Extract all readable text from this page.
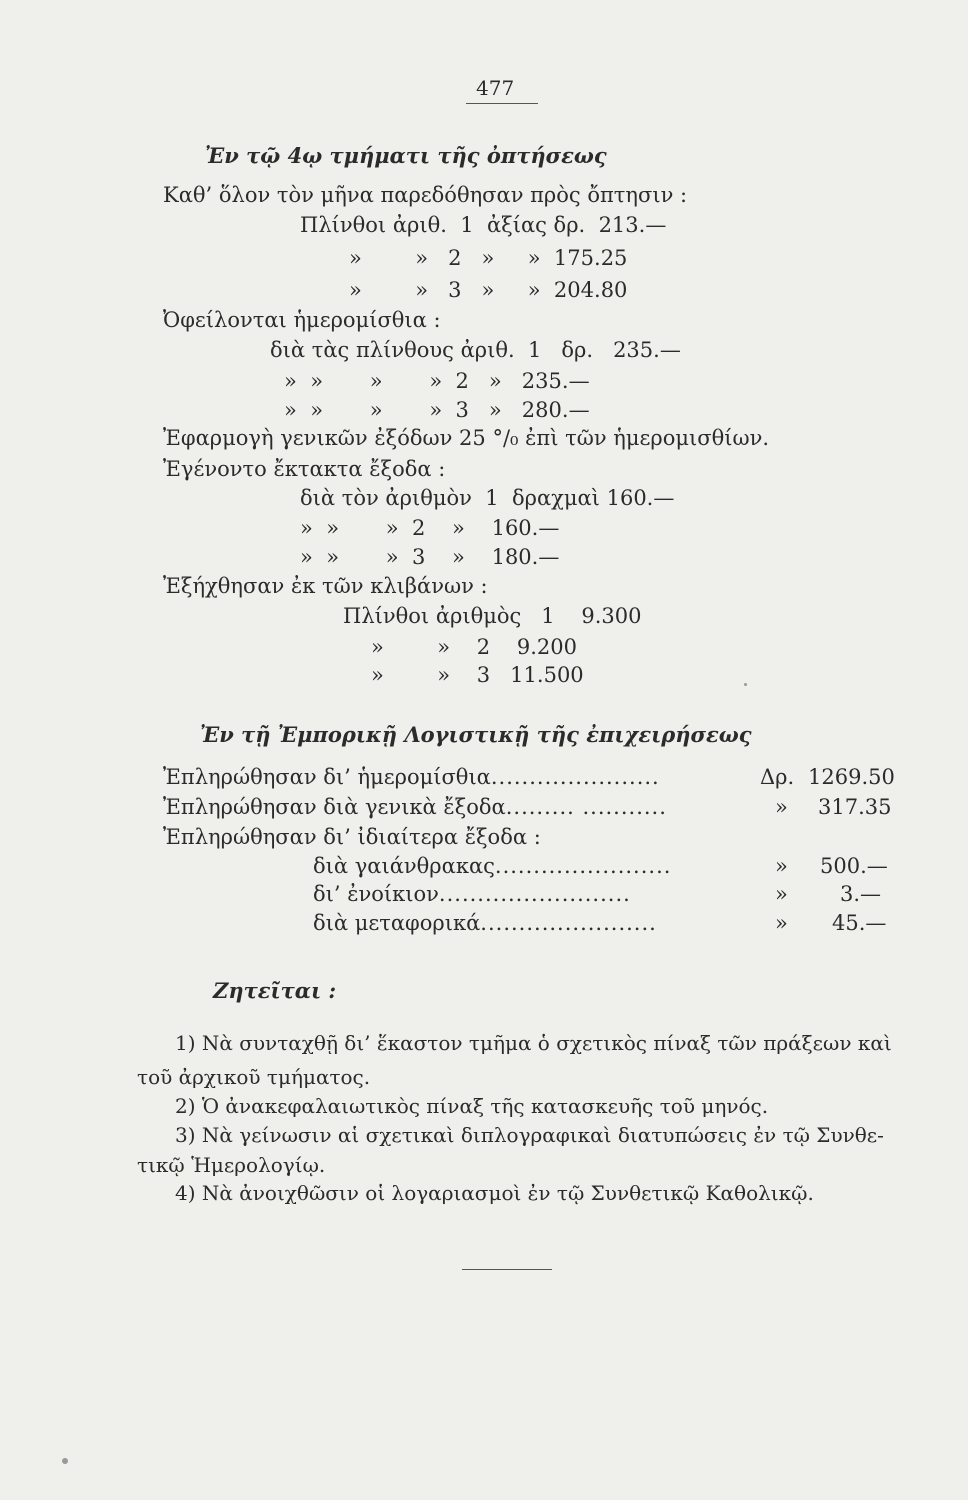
477
Ἐν τῷ 4ῳ τμήματι τῆς ὀπτήσεως
Καθ’ ὅλον τὸν μῆνα παρεδόθησαν πρὸς ὄπτησιν :
Πλίνθοι ἀριθ.  1  ἀξίας δρ.  213.—
»        »   2   »     »  175.25
»        »   3   »     »  204.80
Ὀφείλονται ἡμερομίσθια :
διὰ τὰς πλίνθους ἀριθ.  1   δρ.   235.—
»  »       »       »  2   »   235.—
»  »       »       »  3   »   280.—
Ἐφαρμογὴ γενικῶν ἐξόδων 25 °/₀ ἐπὶ τῶν ἡμερομισθίων.
Ἐγένοντο ἔκτακτα ἔξοδα :
διὰ τὸν ἀριθμὸν  1  δραχμαὶ 160.—
»  »       »  2    »    160.—
»  »       »  3    »    180.—
Ἐξήχθησαν ἐκ τῶν κλιβάνων :
Πλίνθοι ἀριθμὸς   1    9.300
»        »    2    9.200
»        »    3   11.500
Ἐν τῇ Ἐμπορικῇ Λογιστικῇ τῆς ἐπιχειρήσεως
Ἐπληρώθησαν δι’ ἡμερομίσθια......................	Δρ. 1269.50
Ἐπληρώθησαν διὰ γενικὰ ἔξοδα......... ...........	» 317.35
Ἐπληρώθησαν δι’ ἰδιαίτερα ἔξοδα :
διὰ γαιάνθρακας.......................	» 500.—
δι’ ἐνοίκιον.........................	» 3.—
διὰ μεταφορικά.......................	» 45.—
Ζητεῖται :
1) Νὰ συνταχθῇ δι’ ἕκαστον τμῆμα ὁ σχετικὸς πίναξ τῶν πράξεων καὶ
τοῦ ἀρχικοῦ τμήματος.
2) Ὁ ἀνακεφαλαιωτικὸς πίναξ τῆς κατασκευῆς τοῦ μηνός.
3) Νὰ γείνωσιν αἱ σχετικαὶ διπλογραφικαὶ διατυπώσεις ἐν τῷ Συνθε-
τικῷ Ἡμερολογίῳ.
4) Νὰ ἀνοιχθῶσιν οἱ λογαριασμοὶ ἐν τῷ Συνθετικῷ Καθολικῷ.
